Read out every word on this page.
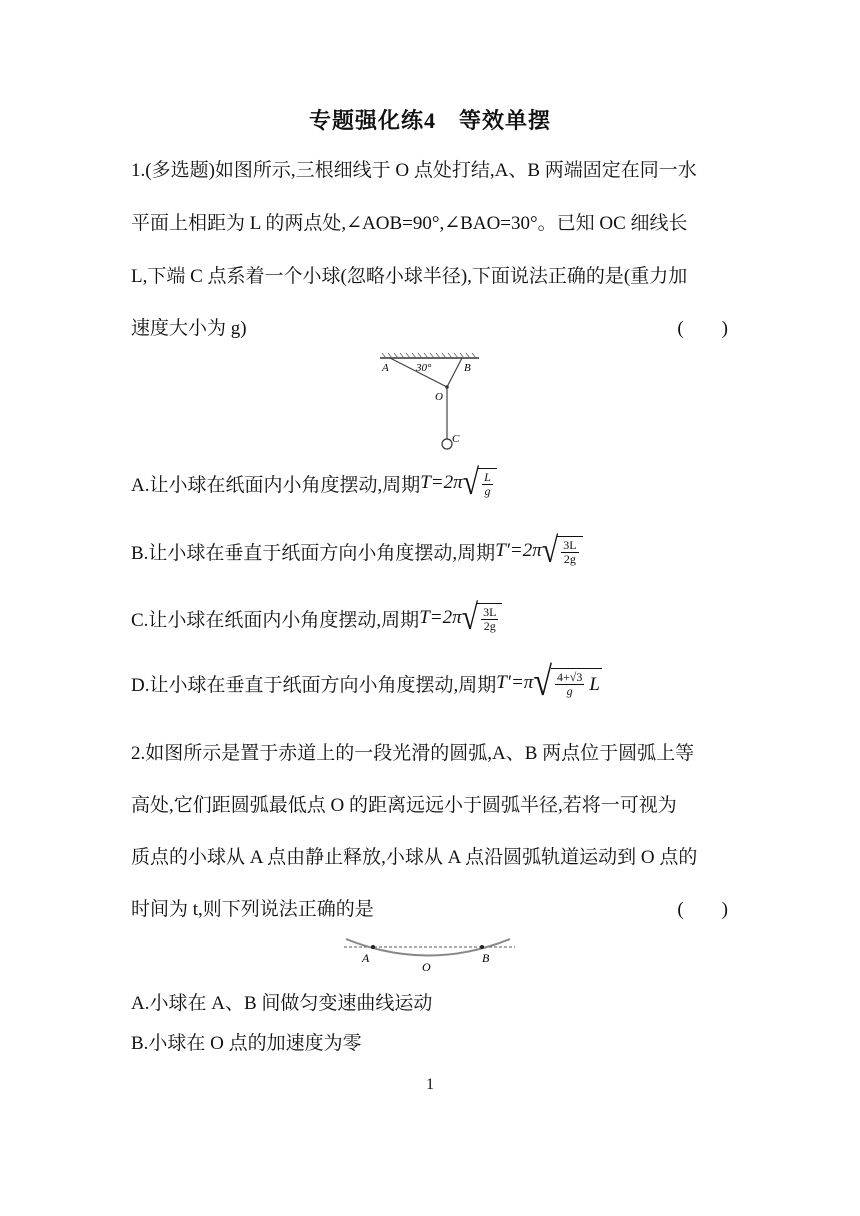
专题强化练4　等效单摆
1.(多选题)如图所示,三根细线于 O 点处打结,A、B 两端固定在同一水
平面上相距为 L 的两点处,∠AOB=90°,∠BAO=30°。已知 OC 细线长
L,下端 C 点系着一个小球(忽略小球半径),下面说法正确的是(重力加
速度大小为 g)	(　　)
A 30°	B
O
C
A.让小球在纸面内小角度摆动,周期 T=2π √ $\frac{L}{g}$
B.让小球在垂直于纸面方向小角度摆动,周期 T′=2π √ $\frac{3L}{2g}$
C.让小球在纸面内小角度摆动,周期 T=2π √ $\frac{3L}{2g}$
D.让小球在垂直于纸面方向小角度摆动,周期 T′=π √ $\frac{4+√3}{g}$ L
2.如图所示是置于赤道上的一段光滑的圆弧,A、B 两点位于圆弧上等
高处,它们距圆弧最低点 O 的距离远远小于圆弧半径,若将一可视为
质点的小球从 A 点由静止释放,小球从 A 点沿圆弧轨道运动到 O 点的
时间为 t,则下列说法正确的是	(　　)
A
O
B
A.小球在 A、B 间做匀变速曲线运动
B.小球在 O 点的加速度为零
1
